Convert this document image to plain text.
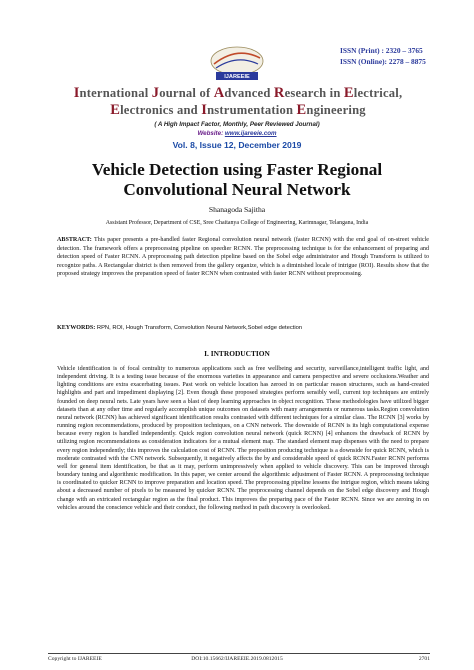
IJAREEIE
ISSN (Print) : 2320 – 3765
ISSN (Online): 2278 – 8875
International Journal of Advanced Research in Electrical,
Electronics and Instrumentation Engineering
( A High Impact Factor, Monthly, Peer Reviewed Journal)
Website: www.ijareeie.com
Vol. 8, Issue 12, December 2019
Vehicle Detection using Faster Regional
Convolutional Neural Network
Shanagoda Sajitha
Assistant Professor, Department of CSE, Sree Chaitanya College of Engineering, Karimnagar, Telangana, India

ABSTRACT: This paper presents a pre-handled faster Regional convolution neural network (faster RCNN) with the end goal of on-street vehicle detection. The framework offers a preprocessing pipeline on speedier RCNN. The preprocessing technique is for the enhancement of preparing and detection speed of Faster RCNN. A preprocessing path detection pipeline based on the Sobel edge administrator and Hough Transform is utilized to recognize paths. A Rectangular district is then removed from the gallery organize, which is a diminished locale of intrigue (ROI). Results show that the proposed strategy improves the preparation speed of faster RCNN when contrasted with faster RCNN without preprocessing.

KEYWORDS: RPN, ROI, Hough Transform, Convolution Neural Network,Sobel edge detection

I. INTRODUCTION

Vehicle identification is of focal centrality to numerous applications such as free wellbeing and security, surveillance,intelligent traffic light, and independent driving. It is a testing issue because of the enormous varieties in appearance and camera perspective and severe occlusions.Weather and lighting conditions are extra exacerbating issues. Past work on vehicle location has zeroed in on particular reason structures, such as hand-created highlights and part and impediment displaying [2]. Even though these proposed strategies perform sensibly well, current top techniques are entirely founded on deep neural nets. Late years have seen a blast of deep learning approaches in object recognition. These methodologies have utilized bigger datasets than at any other time and regularly accomplish unique outcomes on datasets with many arrangements or numerous tasks.Region convolution neural network (RCNN) has achieved significant identification results contrasted with different techniques for a similar class. The RCNN [3] works by running region recommendations, produced by proposition techniques, on a CNN network. The downside of RCNN is its high computational expense because every region is handled independently. Quick region convolution neural network (quick RCNN) [4] enhances the drawback of RCNN by utilizing region recommendations as consideration indicators for a mutual element map. The standard element map dispenses with the need to prepare every region independently; this improves the calculation cost of RCNN. The proposition producing technique is a downside for quick RCNN, which is moderate contrasted with the CNN network. Subsequently, it negatively affects the by and considerable speed of quick RCNN.Faster RCNN performs well for general item identification, be that as it may, perform unimpressively when applied to vehicle discovery. This can be improved through boundary tuning and algorithmic modification. In this paper, we center around the algorithmic adjustment of Faster RCNN. A preprocessing technique is coordinated to quicker RCNN to improve preparation and location speed. The preprocessing pipeline lessens the intrigue region, which means taking about a decreased number of pixels to be measured by quicker RCNN. The preprocessing channel depends on the Sobel edge discovery and Hough change with an extricated rectangular region as the final product. This improves the preparing pace of the Faster RCNN. Since we are zeroing in on vehicles around the conscience vehicle and their conduct, the following method in path discovery is overlooked.

Copyright to IJAREEIE	DOI:10.15662/IJAREEIE.2019.0812015	2701
